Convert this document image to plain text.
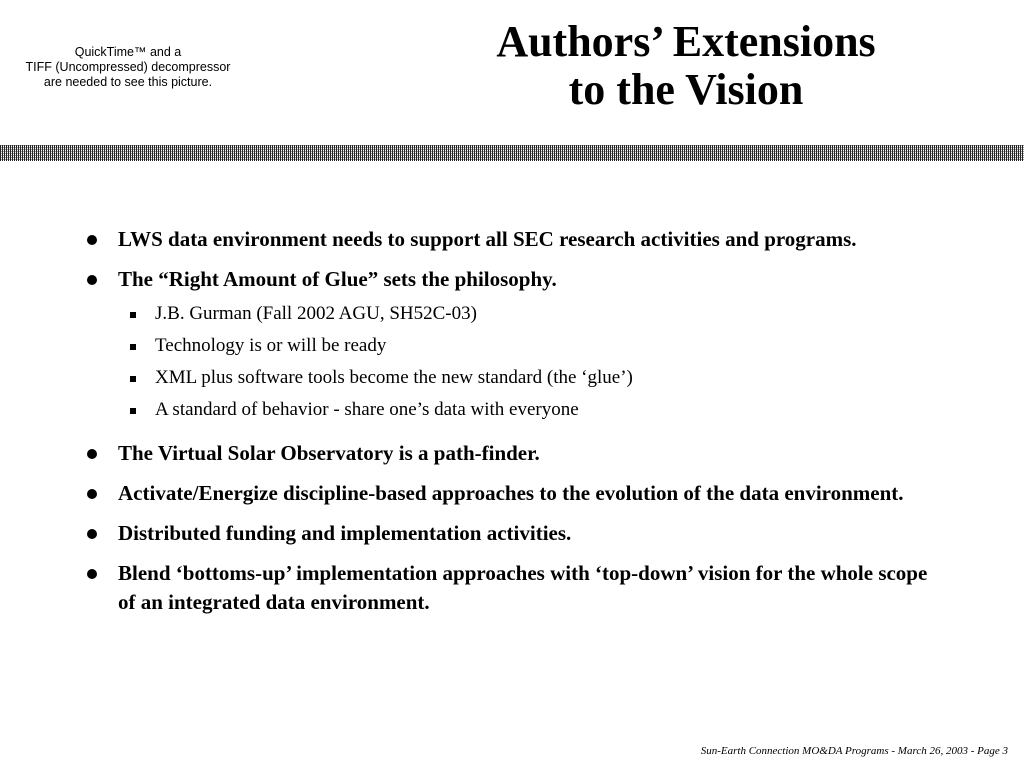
QuickTime™ and a
TIFF (Uncompressed) decompressor
are needed to see this picture.
Authors’ Extensions
to the Vision
LWS data environment needs to support all SEC research activities and programs.
The “Right Amount of Glue” sets the philosophy.
J.B. Gurman (Fall 2002 AGU, SH52C-03)
Technology is or will be ready
XML plus software tools become the new standard (the ‘glue’)
A standard of behavior - share one’s data with everyone
The Virtual Solar Observatory is a path-finder.
Activate/Energize discipline-based approaches to the evolution of the data environment.
Distributed funding and implementation activities.
Blend ‘bottoms-up’ implementation approaches with ‘top-down’ vision for the whole scope of an integrated data environment.
Sun-Earth Connection MO&DA Programs - March 26, 2003 - Page 3
